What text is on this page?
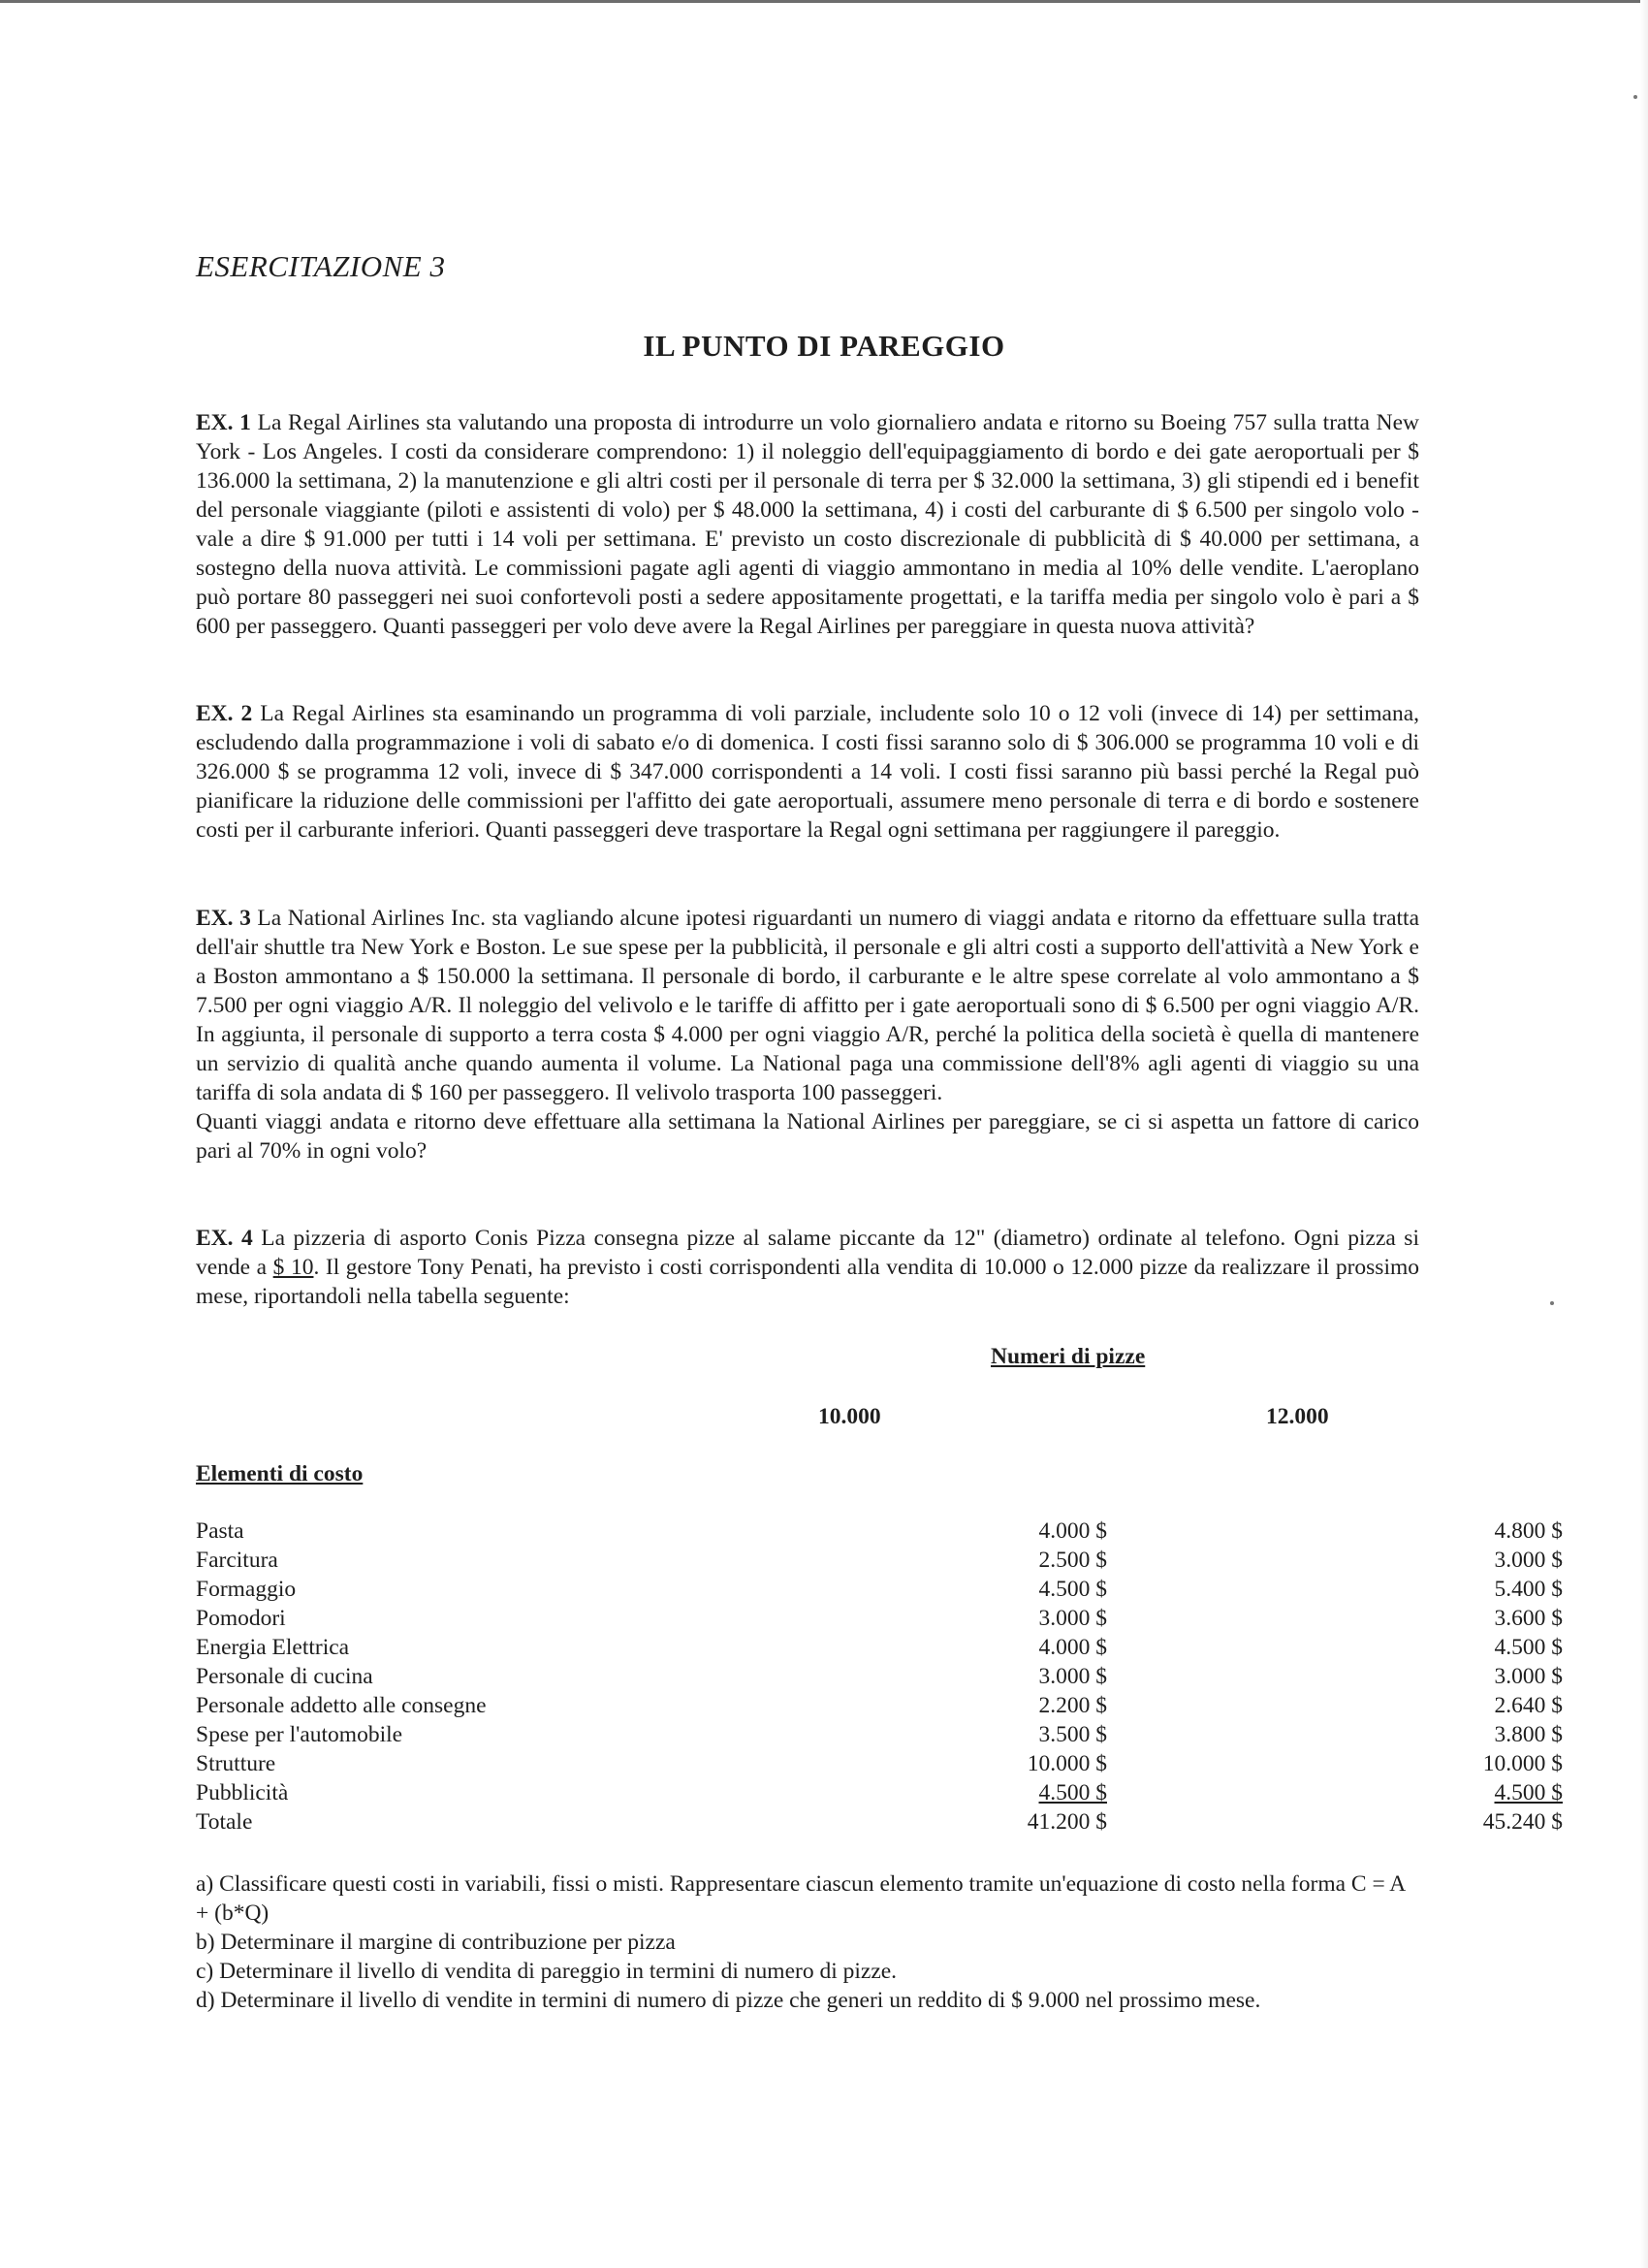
ESERCITAZIONE 3
IL PUNTO DI PAREGGIO
EX. 1 La Regal Airlines sta valutando una proposta di introdurre un volo giornaliero andata e ritorno su Boeing 757 sulla tratta New York - Los Angeles. I costi da considerare comprendono: 1) il noleggio dell'equipaggiamento di bordo e dei gate aeroportuali per $ 136.000 la settimana, 2) la manutenzione e gli altri costi per il personale di terra per $ 32.000 la settimana, 3) gli stipendi ed i benefit del personale viaggiante (piloti e assistenti di volo) per $ 48.000 la settimana, 4) i costi del carburante di $ 6.500 per singolo volo - vale a dire $ 91.000 per tutti i 14 voli per settimana. E' previsto un costo discrezionale di pubblicità di $ 40.000 per settimana, a sostegno della nuova attività. Le commissioni pagate agli agenti di viaggio ammontano in media al 10% delle vendite. L'aeroplano può portare 80 passeggeri nei suoi confortevoli posti a sedere appositamente progettati, e la tariffa media per singolo volo è pari a $ 600 per passeggero. Quanti passeggeri per volo deve avere la Regal Airlines per pareggiare in questa nuova attività?
EX. 2 La Regal Airlines sta esaminando un programma di voli parziale, includente solo 10 o 12 voli (invece di 14) per settimana, escludendo dalla programmazione i voli di sabato e/o di domenica. I costi fissi saranno solo di $ 306.000 se programma 10 voli e di 326.000 $ se programma 12 voli, invece di $ 347.000 corrispondenti a 14 voli. I costi fissi saranno più bassi perché la Regal può pianificare la riduzione delle commissioni per l'affitto dei gate aeroportuali, assumere meno personale di terra e di bordo e sostenere costi per il carburante inferiori. Quanti passeggeri deve trasportare la Regal ogni settimana per raggiungere il pareggio.
EX. 3 La National Airlines Inc. sta vagliando alcune ipotesi riguardanti un numero di viaggi andata e ritorno da effettuare sulla tratta dell'air shuttle tra New York e Boston. Le sue spese per la pubblicità, il personale e gli altri costi a supporto dell'attività a New York e a Boston ammontano a $ 150.000 la settimana. Il personale di bordo, il carburante e le altre spese correlate al volo ammontano a $ 7.500 per ogni viaggio A/R. Il noleggio del velivolo e le tariffe di affitto per i gate aeroportuali sono di $ 6.500 per ogni viaggio A/R. In aggiunta, il personale di supporto a terra costa $ 4.000 per ogni viaggio A/R, perché la politica della società è quella di mantenere un servizio di qualità anche quando aumenta il volume. La National paga una commissione dell'8% agli agenti di viaggio su una tariffa di sola andata di $ 160 per passeggero. Il velivolo trasporta 100 passeggeri.
Quanti viaggi andata e ritorno deve effettuare alla settimana la National Airlines per pareggiare, se ci si aspetta un fattore di carico pari al 70% in ogni volo?
EX. 4 La pizzeria di asporto Conis Pizza consegna pizze al salame piccante da 12" (diametro) ordinate al telefono. Ogni pizza si vende a $ 10. Il gestore Tony Penati, ha previsto i costi corrispondenti alla vendita di 10.000 o 12.000 pizze da realizzare il prossimo mese, riportandoli nella tabella seguente:
Numeri di pizze
10.000	12.000
Elementi di costo
Pasta	4.000 $	4.800 $
Farcitura	2.500 $	3.000 $
Formaggio	4.500 $	5.400 $
Pomodori	3.000 $	3.600 $
Energia Elettrica	4.000 $	4.500 $
Personale di cucina	3.000 $	3.000 $
Personale addetto alle consegne	2.200 $	2.640 $
Spese per l'automobile	3.500 $	3.800 $
Strutture	10.000 $	10.000 $
Pubblicità	4.500 $	4.500 $
Totale	41.200 $	45.240 $
a) Classificare questi costi in variabili, fissi o misti. Rappresentare ciascun elemento tramite un'equazione di costo nella forma C = A + (b*Q)
b) Determinare il margine di contribuzione per pizza
c) Determinare il livello di vendita di pareggio in termini di numero di pizze.
d) Determinare il livello di vendite in termini di numero di pizze che generi un reddito di $ 9.000 nel prossimo mese.
